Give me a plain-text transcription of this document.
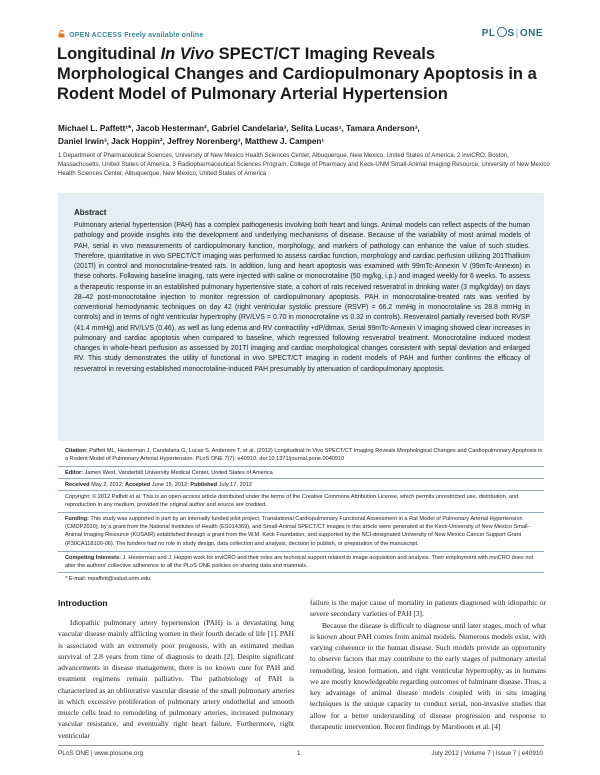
OPEN ACCESS Freely available online	PL S|ONE
Longitudinal In Vivo SPECT/CT Imaging Reveals Morphological Changes and Cardiopulmonary Apoptosis in a Rodent Model of Pulmonary Arterial Hypertension
Michael L. Paffett¹*, Jacob Hesterman², Gabriel Candelaria³, Selita Lucas¹, Tamara Anderson³,
Daniel Irwin³, Jack Hoppin², Jeffrey Norenberg³, Matthew J. Campen¹
1 Department of Pharmaceutical Sciences, University of New Mexico Health Sciences Center, Albuquerque, New Mexico, United States of America, 2 inviCRO, Boston, Massachusetts, United States of America, 3 Radiopharmaceutical Sciences Program, College of Pharmacy and Keck-UNM Small-Animal Imaging Resource, University of New Mexico Health Sciences Center, Albuquerque, New Mexico, United States of America
Abstract
Pulmonary arterial hypertension (PAH) has a complex pathogenesis involving both heart and lungs. Animal models can reflect aspects of the human pathology and provide insights into the development and underlying mechanisms of disease. Because of the variability of most animal models of PAH, serial in vivo measurements of cardiopulmonary function, morphology, and markers of pathology can enhance the value of such studies. Therefore, quantitative in vivo SPECT/CT imaging was performed to assess cardiac function, morphology and cardiac perfusion utilizing 201Thallium (201Tl) in control and monocrotaline-treated rats. In addition, lung and heart apoptosis was examined with 99mTc-Annexin V (99mTc-Annexin) in these cohorts. Following baseline imaging, rats were injected with saline or monocrotaline (50 mg/kg, i.p.) and imaged weekly for 6 weeks. To assess a therapeutic response in an established pulmonary hypertensive state, a cohort of rats received resveratrol in drinking water (3 mg/kg/day) on days 28–42 post-monocrotaline injection to monitor regression of cardiopulmonary apoptosis. PAH in monocrotaline-treated rats was verified by conventional hemodynamic techniques on day 42 (right ventricular systolic pressure (RSVP) = 66.2 mmHg in monocrotaline vs 28.8 mmHg in controls) and in terms of right ventricular hypertrophy (RV/LVS = 0.70 in monocrotaline vs 0.32 in controls). Resveratrol partially reversed both RVSP (41.4 mmHg) and RV/LVS (0.46), as well as lung edema and RV contractility +dP/dtmax. Serial 99mTc-Annexin V imaging showed clear increases in pulmonary and cardiac apoptosis when compared to baseline, which regressed following resveratrol treatment. Monocrotaline induced modest changes in whole-heart perfusion as assessed by 201Tl imaging and cardiac morphological changes consistent with septal deviation and enlarged RV. This study demonstrates the utility of functional in vivo SPECT/CT imaging in rodent models of PAH and further confirms the efficacy of resveratrol in reversing established monocrotaline-induced PAH presumably by attenuation of cardiopulmonary apoptosis.
Citation: Paffett ML, Hesterman J, Candelaria G, Lucas S, Anderson T, et al. (2012) Longitudinal In Vivo SPECT/CT Imaging Reveals Morphological Changes and Cardiopulmonary Apoptosis in a Rodent Model of Pulmonary Arterial Hypertension. PLoS ONE 7(7): e40910. doi:10.1371/journal.pone.0040910
Editor: James West, Vanderbilt University Medical Center, United States of America
Received May 2, 2012; Accepted June 15, 2012; Published July 17, 2012
Copyright: © 2012 Paffett et al. This is an open-access article distributed under the terms of the Creative Commons Attribution License, which permits unrestricted use, distribution, and reproduction in any medium, provided the original author and source are credited.
Funding: This study was supported in part by an internally funded pilot project, Translational Cardiopulmonary Functional Assessment in a Rat Model of Pulmonary Arterial Hypertension (CMDP2010), by a grant from the National Institutes of Health (ES014369), and Small-Animal SPECT/CT images in this article were generated at the Keck-University of New Mexico Small-Animal Imaging Resource (KUSAIR) established through a grant from the W.M. Keck Foundation, and supported by the NCI-designated University of New Mexico Cancer Support Grant (P30CA118100-06). The funders had no role in study design, data collection and analysis, decision to publish, or preparation of the manuscript.
Competing Interests: J. Hesterman and J. Hoppin work for inviCRO and their roles are technical support related to image acquisition and analysis. Their employment with inviCRO does not alter the authors' collective adherence to all the PLoS ONE policies on sharing data and materials.
* E-mail: mpaffett@salud.unm.edu
Introduction
Idiopathic pulmonary artery hypertension (PAH) is a devastating lung vascular disease mainly afflicting women in their fourth decade of life [1]. PAH is associated with an extremely poor prognosis, with an estimated median survival of 2.8 years from time of diagnosis to death [2]. Despite significant advancements in disease management, there is no known cure for PAH and treatment regimens remain palliative. The pathobiology of PAH is characterized as an obliterative vascular disease of the small pulmonary arteries in which excessive proliferation of pulmonary artery endothelial and smooth muscle cells lead to remodeling of pulmonary arteries, increased pulmonary vascular resistance, and eventually right heart failure. Furthermore, right ventricular
failure is the major cause of mortality in patients diagnosed with idiopathic or severe secondary varieties of PAH [3].
Because the disease is difficult to diagnose until later stages, much of what is known about PAH comes from animal models. Numerous models exist, with varying coherence to the human disease. Such models provide an opportunity to observe factors that may contribute to the early stages of pulmonary arterial remodeling, lesion formation, and right ventricular hypertrophy, as in humans we are mostly knowledgeable regarding outcomes of fulminant disease. Thus, a key advantage of animal disease models coupled with in situ imaging techniques is the unique capacity to conduct serial, non-invasive studies that allow for a better understanding of disease progression and response to therapeutic intervention. Recent findings by Marsboom et al. [4]
PLoS ONE | www.plosone.org	1	July 2012 | Volume 7 | Issue 7 | e40910
